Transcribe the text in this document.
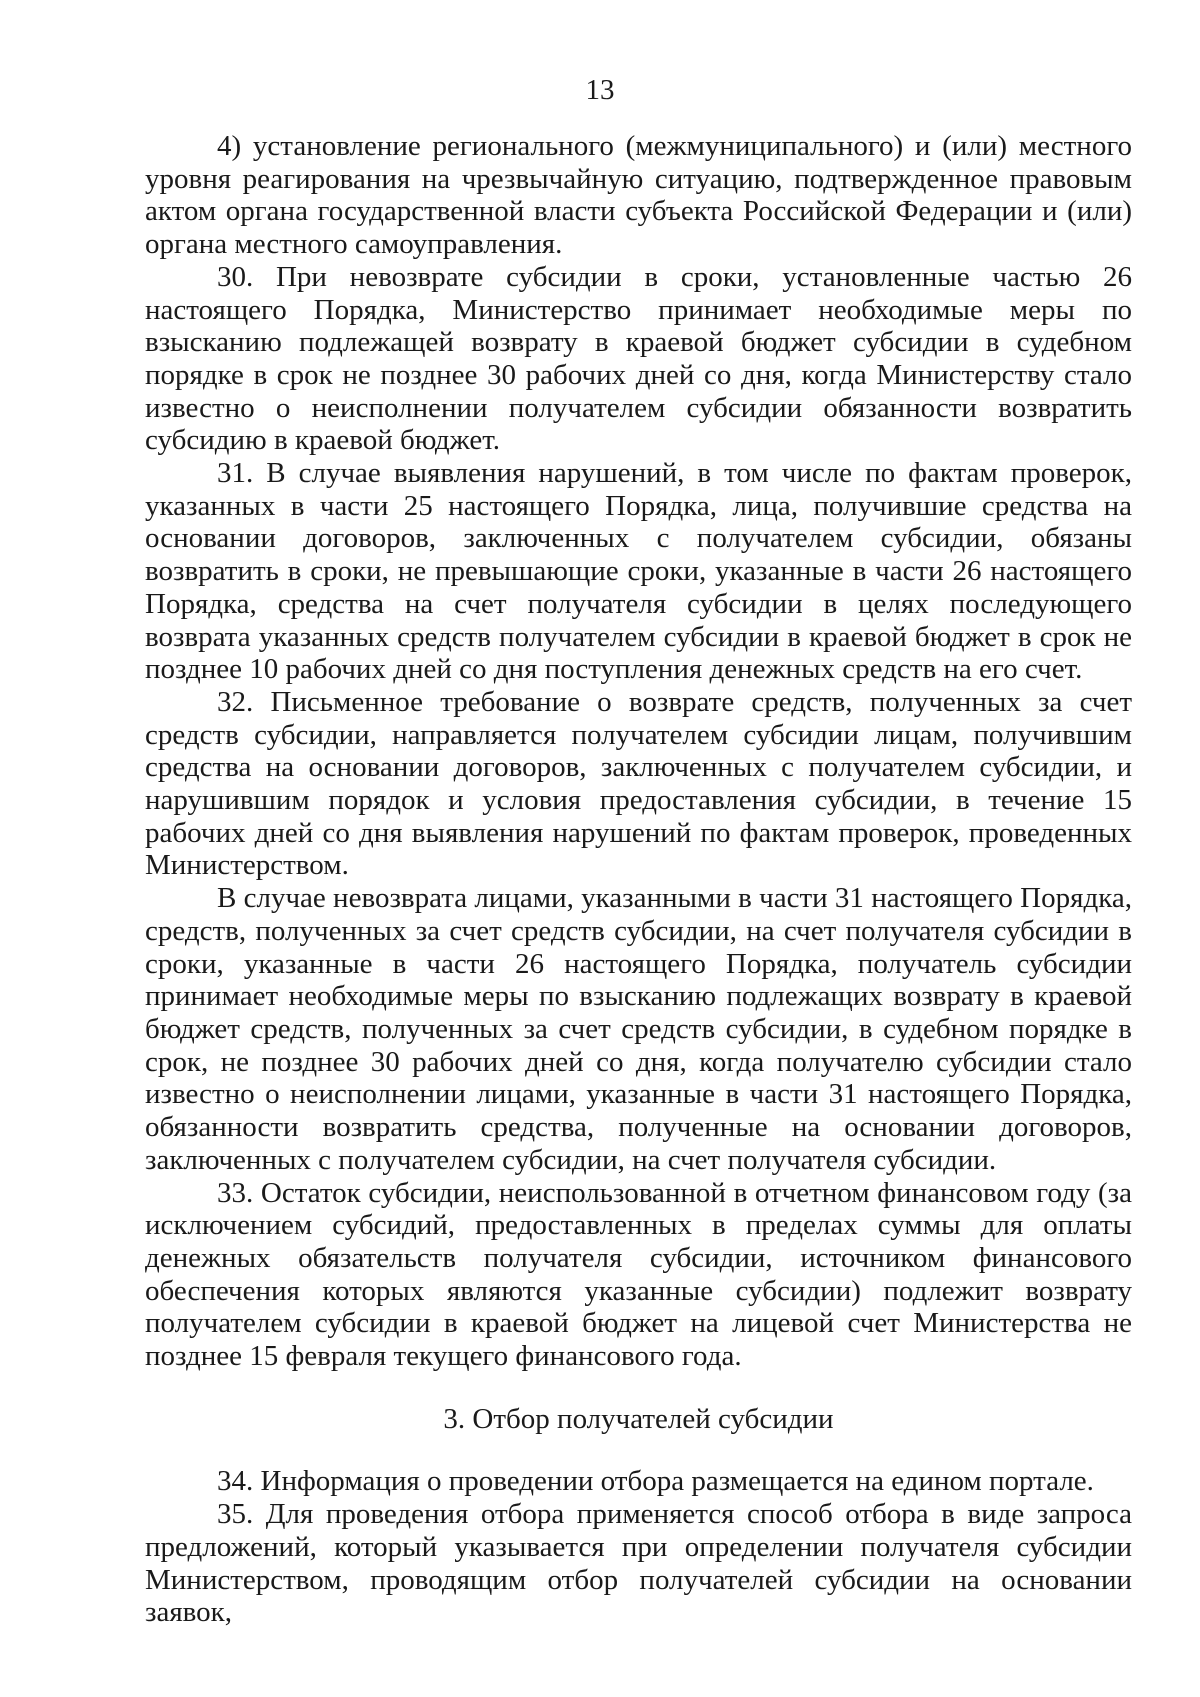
13

4) установление регионального (межмуниципального) и (или) местного уровня реагирования на чрезвычайную ситуацию, подтвержденное правовым актом органа государственной власти субъекта Российской Федерации и (или) органа местного самоуправления.

30. При невозврате субсидии в сроки, установленные частью 26 настоящего Порядка, Министерство принимает необходимые меры по взысканию подлежащей возврату в краевой бюджет субсидии в судебном порядке в срок не позднее 30 рабочих дней со дня, когда Министерству стало известно о неисполнении получателем субсидии обязанности возвратить субсидию в краевой бюджет.

31. В случае выявления нарушений, в том числе по фактам проверок, указанных в части 25 настоящего Порядка, лица, получившие средства на основании договоров, заключенных с получателем субсидии, обязаны возвратить в сроки, не превышающие сроки, указанные в части 26 настоящего Порядка, средства на счет получателя субсидии в целях последующего возврата указанных средств получателем субсидии в краевой бюджет в срок не позднее 10 рабочих дней со дня поступления денежных средств на его счет.

32. Письменное требование о возврате средств, полученных за счет средств субсидии, направляется получателем субсидии лицам, получившим средства на основании договоров, заключенных с получателем субсидии, и нарушившим порядок и условия предоставления субсидии, в течение 15 рабочих дней со дня выявления нарушений по фактам проверок, проведенных Министерством.

В случае невозврата лицами, указанными в части 31 настоящего Порядка, средств, полученных за счет средств субсидии, на счет получателя субсидии в сроки, указанные в части 26 настоящего Порядка, получатель субсидии принимает необходимые меры по взысканию подлежащих возврату в краевой бюджет средств, полученных за счет средств субсидии, в судебном порядке в срок, не позднее 30 рабочих дней со дня, когда получателю субсидии стало известно о неисполнении лицами, указанные в части 31 настоящего Порядка, обязанности возвратить средства, полученные на основании договоров, заключенных с получателем субсидии, на счет получателя субсидии.

33. Остаток субсидии, неиспользованной в отчетном финансовом году (за исключением субсидий, предоставленных в пределах суммы для оплаты денежных обязательств получателя субсидии, источником финансового обеспечения которых являются указанные субсидии) подлежит возврату получателем субсидии в краевой бюджет на лицевой счет Министерства не позднее 15 февраля текущего финансового года.

3. Отбор получателей субсидии

34. Информация о проведении отбора размещается на едином портале.

35. Для проведения отбора применяется способ отбора в виде запроса предложений, который указывается при определении получателя субсидии Министерством, проводящим отбор получателей субсидии на основании заявок,
